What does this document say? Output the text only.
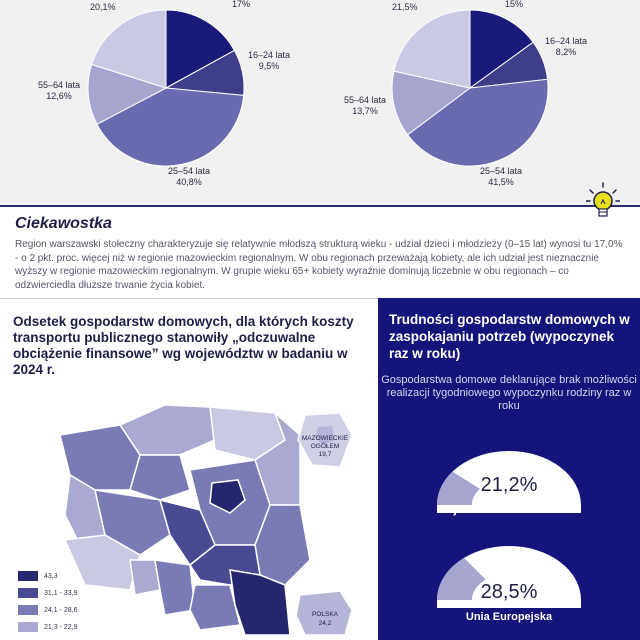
20,1%	17%
16–24 lata
9,5%
55–64 lata
12,6%
25–54 lata
40,8%
21,5%	15%
16–24 lata
8,2%
55–64 lata
13,7%
25–54 lata
41,5%
Ciekawostka
Region warszawski stołeczny charakteryzuje się relatywnie młodszą strukturą wieku - udział dzieci i młodzieży (0–15 lat) wynosi tu 17,0% - o 2 pkt. proc. więcej niż w regionie mazowieckim regionalnym. W obu regionach przeważają kobiety, ale ich udział jest nieznacznie wyższy w regionie mazowieckim regionalnym. W grupie wieku 65+ kobiety wyraźnie dominują liczebnie w obu regionach – co odzwierciedla dłuższe trwanie życia kobiet.
Odsetek gospodarstw domowych, dla których koszty transportu publicznego stanowiły „odczuwalne obciążenie finansowe” wg województw w badaniu w 2024 r.
MAZOWIECKIE OGÓŁEM
19,7
POLSKA
24,2
43,3
31,1 - 33,9
24,1 - 28,6
21,3 - 22,9
Trudności gospodarstw domowych w zaspokajaniu potrzeb (wypoczynek raz w roku)
Gospodarstwa domowe deklarujące brak możliwości realizacji tygodniowego wypoczynku rodziny raz w roku
21,2%
województwo mazowieckie
28,5%
Unia Europejska
